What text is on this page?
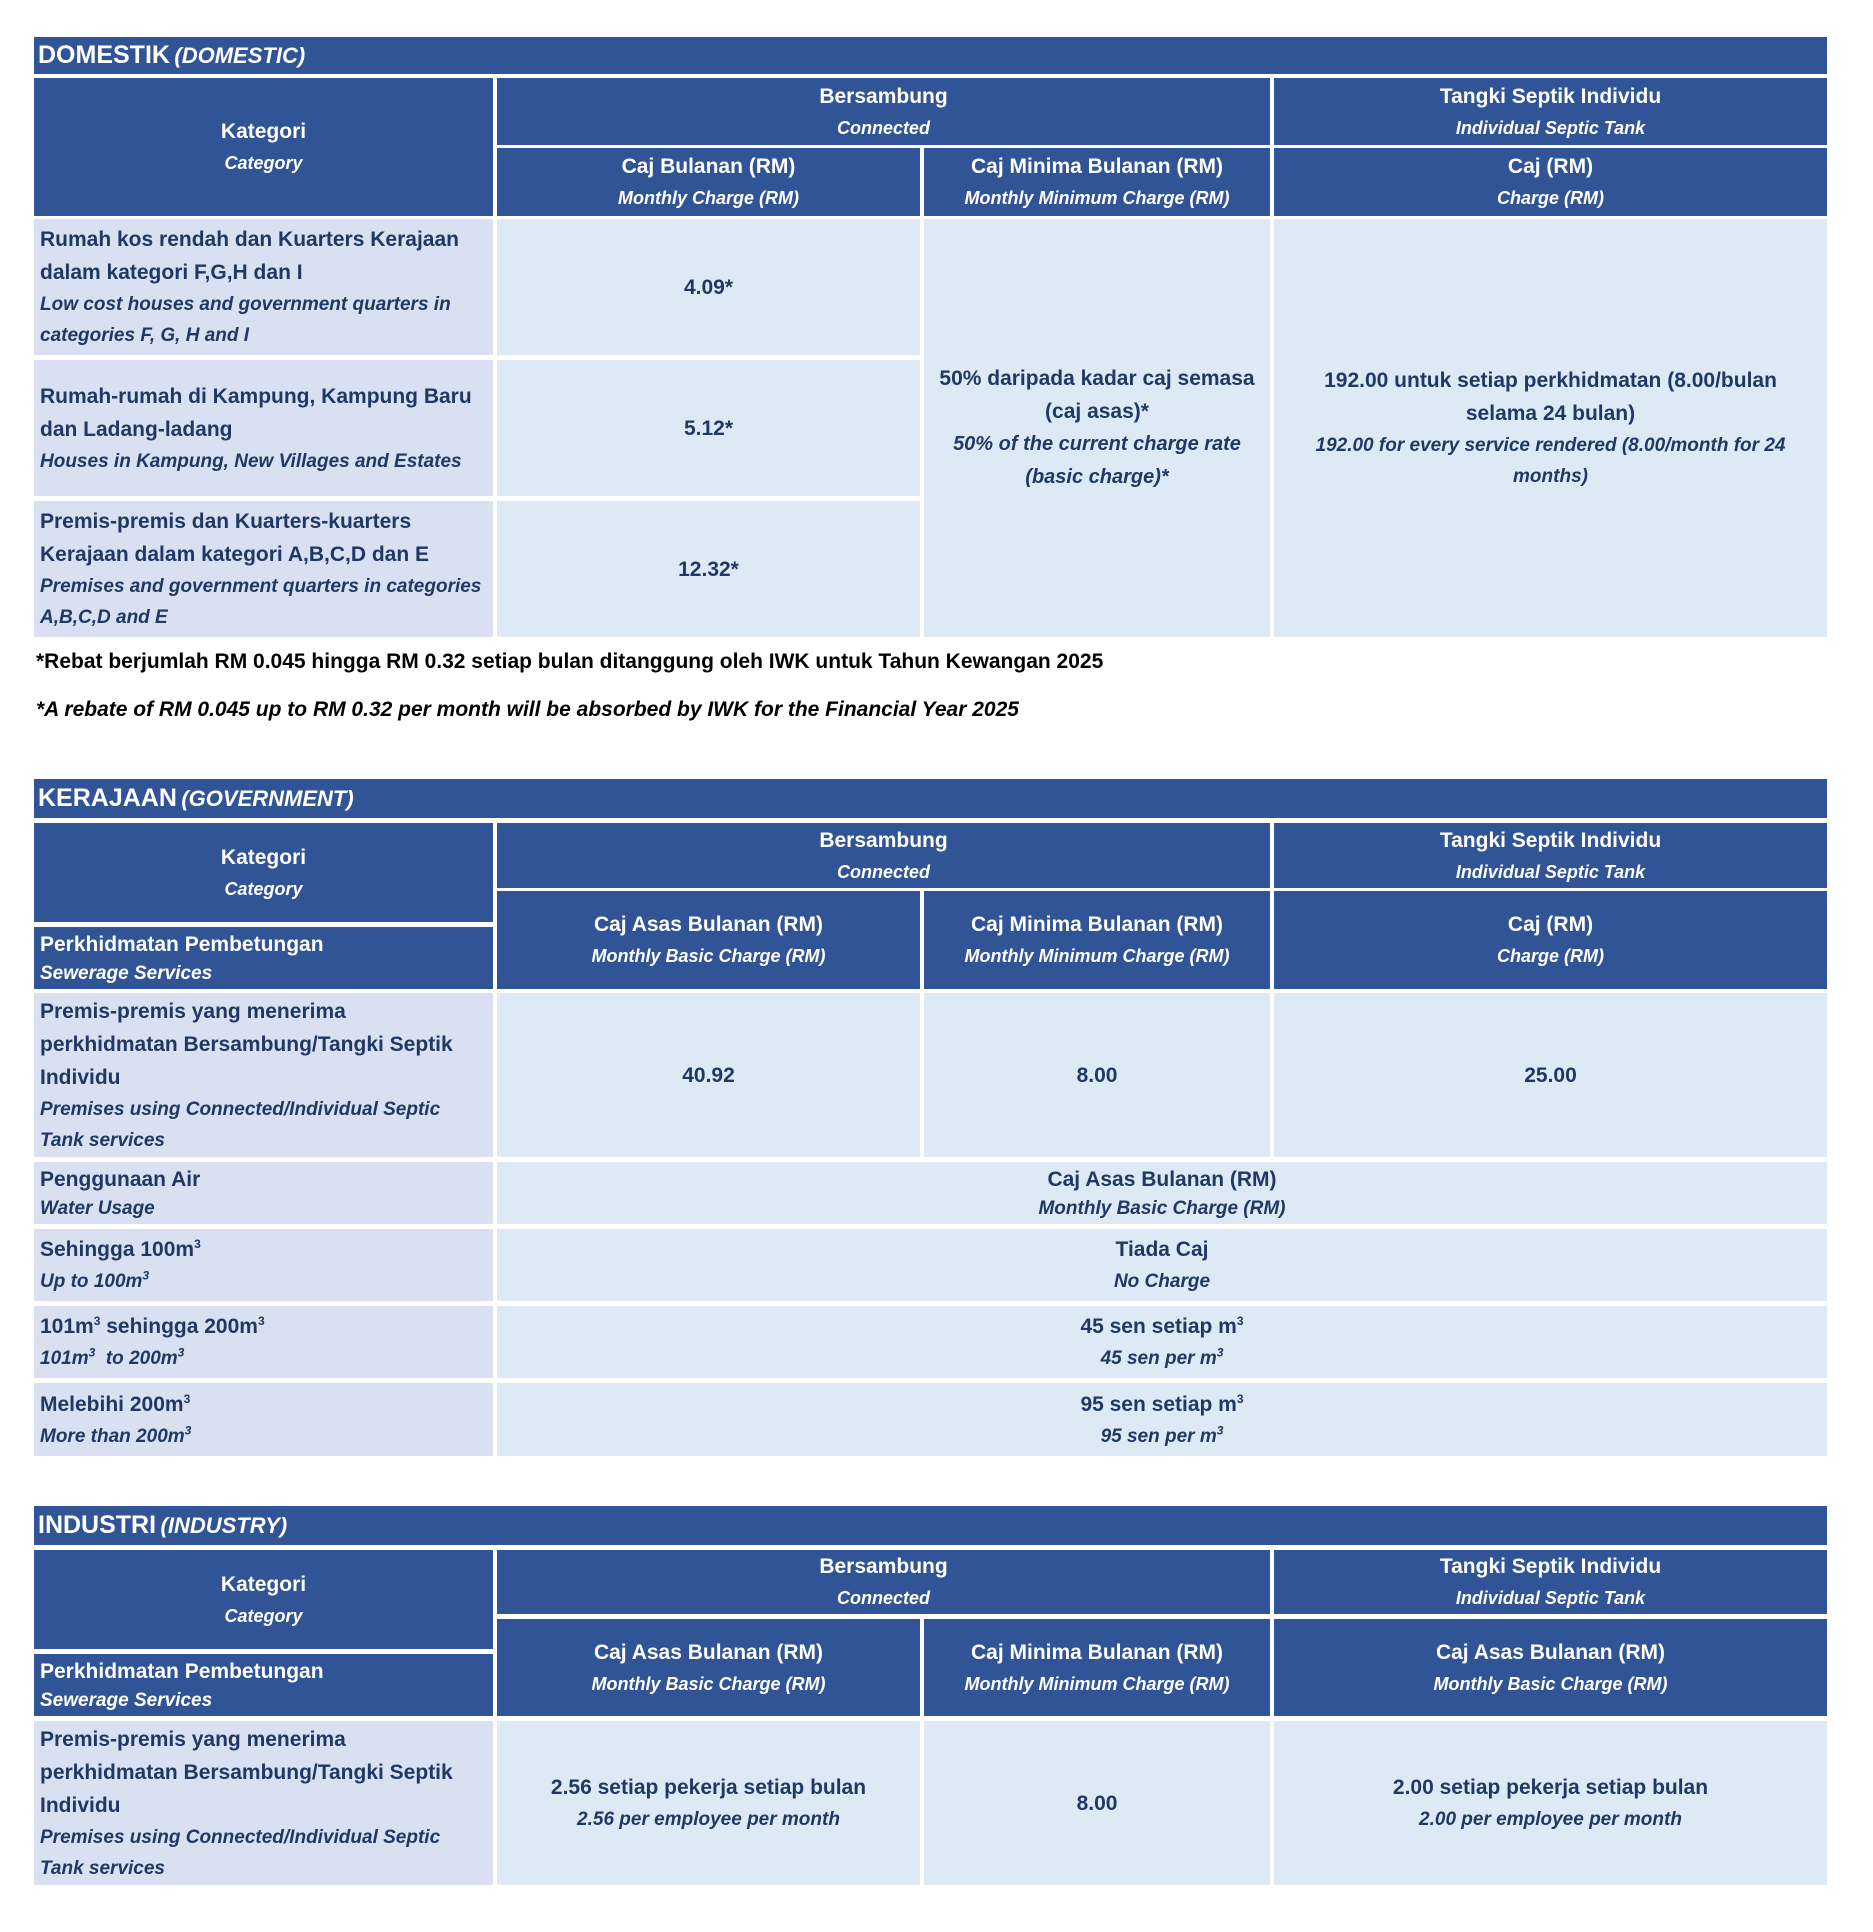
DOMESTIK (DOMESTIC)
Kategori
Category
Bersambung
Connected
Tangki Septik Individu
Individual Septic Tank
Caj Bulanan (RM)
Monthly Charge (RM)
Caj Minima Bulanan (RM)
Monthly Minimum Charge (RM)
Caj (RM)
Charge (RM)
Rumah kos rendah dan Kuarters Kerajaan dalam kategori F,G,H dan I
Low cost houses and government quarters in categories F, G, H and I
4.09*
Rumah-rumah di Kampung, Kampung Baru dan Ladang-ladang
Houses in Kampung, New Villages and Estates
5.12*
Premis-premis dan Kuarters-kuarters Kerajaan dalam kategori A,B,C,D dan E
Premises and government quarters in categories A,B,C,D and E
12.32*
50% daripada kadar caj semasa (caj asas)*
50% of the current charge rate (basic charge)*
192.00 untuk setiap perkhidmatan (8.00/bulan selama 24 bulan)
192.00 for every service rendered (8.00/month for 24 months)
*Rebat berjumlah RM 0.045 hingga RM 0.32 setiap bulan ditanggung oleh IWK untuk Tahun Kewangan 2025
*A rebate of RM 0.045 up to RM 0.32 per month will be absorbed by IWK for the Financial Year 2025
KERAJAAN (GOVERNMENT)
Kategori
Category
Perkhidmatan Pembetungan
Sewerage Services
Bersambung
Connected
Tangki Septik Individu
Individual Septic Tank
Caj Asas Bulanan (RM)
Monthly Basic Charge (RM)
Caj Minima Bulanan (RM)
Monthly Minimum Charge (RM)
Caj (RM)
Charge (RM)
Premis-premis yang menerima perkhidmatan Bersambung/Tangki Septik Individu
Premises using Connected/Individual Septic Tank services
40.92	8.00	25.00
Penggunaan Air
Water Usage
Caj Asas Bulanan (RM)
Monthly Basic Charge (RM)
Sehingga $100m^3$
Up to $100m^3$
Tiada Caj
No Charge
$101m^3$ sehingga $200m^3$
$101m^3$  to $200m^3$
45 sen setiap $m^3$
45 sen per $m^3$
Melebihi $200m^3$
More than $200m^3$
95 sen setiap $m^3$
95 sen per $m^3$
INDUSTRI (INDUSTRY)
Kategori
Category
Perkhidmatan Pembetungan
Sewerage Services
Bersambung
Connected
Tangki Septik Individu
Individual Septic Tank
Caj Asas Bulanan (RM)
Monthly Basic Charge (RM)
Caj Minima Bulanan (RM)
Monthly Minimum Charge (RM)
Caj Asas Bulanan (RM)
Monthly Basic Charge (RM)
Premis-premis yang menerima perkhidmatan Bersambung/Tangki Septik Individu
Premises using Connected/Individual Septic Tank services
2.56 setiap pekerja setiap bulan
2.56 per employee per month
8.00
2.00 setiap pekerja setiap bulan
2.00 per employee per month
